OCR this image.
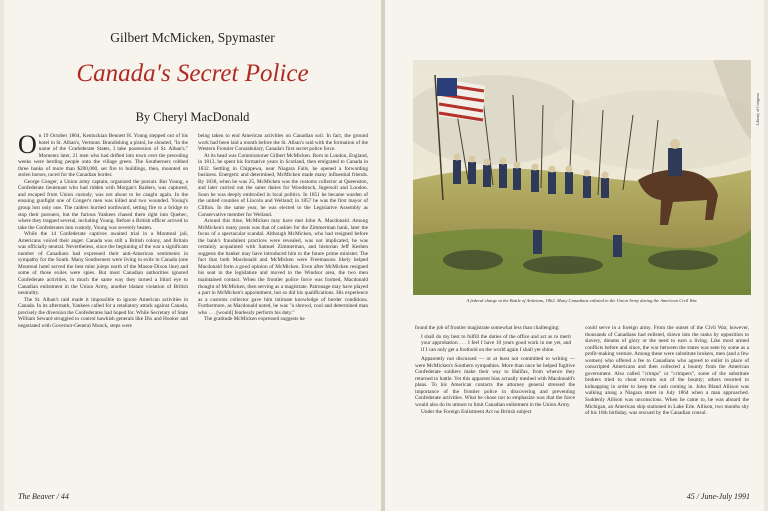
Gilbert McMicken, Spymaster
Canada's Secret Police
By Cheryl MacDonald

On 19 October 1864, Kentuckian Bennett H. Young stepped out of his hotel in St. Alban's, Vermont. Brandishing a pistol, he shouted, "In the name of the Confederate States, I take possession of St. Alban's." Moments later, 21 men who had drifted into town over the preceding weeks were herding people onto the village green. The Southerners robbed three banks of more than $200,000, set fire to buildings, then, mounted on stolen horses, raced for the Canadian border.

George Conger, a Union army captain, organized the pursuit. But Young, a Confederate lieutenant who had ridden with Morgan's Raiders, was captured, and escaped from Union custody, was not about to be caught again. In the ensuing gunfight one of Conger's men was killed and two wounded. Young's group lost only one. The raiders hurried northward, setting fire to a bridge to stop their pursuers, but the furious Yankees chased them right into Quebec, where they trapped several, including Young. Before a British officer arrived to take the Confederates into custody, Young was severely beaten.

While the 14 Confederate captives awaited trial in a Montreal jail, Americans voiced their anger. Canada was still a British colony, and Britain was officially neutral. Nevertheless, since the beginning of the war a significant number of Canadians had expressed their anti-American sentiments in sympathy for the South. Many Southerners were living in exile in Canada (one Montreal hotel served the best mint juleps north of the Mason-Dixon line) and some of those exiles were spies. But most Canadian authorities ignored Confederate activities, in much the same way they turned a blind eye to Canadian enlistment in the Union Army, another blatant violation of British neutrality.

The St. Alban's raid made it impossible to ignore American activities in Canada. In its aftermath, Yankees called for a retaliatory attack against Canada, precisely the diversion the Confederates had hoped for. While Secretary of State William Seward struggled to control hawkish generals like Dix and Hooker and negotiated with Governor-General Monck, steps were

being taken to end American activities on Canadian soil. In fact, the ground work had been laid a month before the St. Alban's raid with the formation of the Western Frontier Constabulary, Canada's first secret police force.

At its head was Commissioner Gilbert McMicken. Born in London, England, in 1813, he spent his formative years in Scotland, then emigrated to Canada in 1832. Settling in Chippewa, near Niagara Falls, he opened a forwarding business. Energetic and determined, McMicken made many influential friends. By 1838, when he was 25, McMicken was the customs collector at Queenston, and later carried out the same duties for Woodstock, Ingersoll and London. Soon he was deeply embroiled in local politics. In 1851 he became warden of the united counties of Lincoln and Welland; in 1857 he was the first mayor of Clifton. In the same year, he was elected to the Legislative Assembly as Conservative member for Welland.

Around this time, McMicken may have met John A. Macdonald. Among McMicken's many posts was that of cashier for the Zimmerman bank, later the focus of a spectacular scandal. Although McMicken, who had resigned before the bank's fraudulent practices were revealed, was not implicated, he was certainly acquainted with Samuel Zimmerman, and historian Jeff Keshen suggests the banker may have introduced him to the future prime minister. The fact that both Macdonald and McMicken were Freemasons likely helped Macdonald form a good opinion of McMicken. Even after McMicken resigned his seat in the legislature and moved to the Windsor area, the two men maintained contact. When the frontier police force was formed, Macdonald thought of McMicken, then serving as a magistrate. Patronage may have played a part in McMicken's appointment, but so did his qualifications. His experience as a customs collector gave him intimate knowledge of border conditions. Furthermore, as Macdonald noted, he was "a shrewd, cool and determined man who . . . [would] fearlessly perform his duty."

The gratitude McMicken expressed suggests he

The Beaver / 44
Library of Congress
A federal charge at the Battle of Antietam, 1862. Many Canadians enlisted in the Union Army during the American Civil War.

found the job of frontier magistrate somewhat less than challenging:

I shall do my best to fulfill the duties of the office and act as to merit your approbation . . . I feel I have 10 years good work in me yet, and if I can only get a foothold on the world again I shall yet shine.

Apparently not discussed — or at least not committed to writing — were McMicken's Southern sympathies. More than once he helped fugitive Confederate soldiers make their way to Halifax, from whence they returned to battle. Yet this apparent bias actually meshed with Macdonald's plans. To his American contacts the attorney general stressed the importance of the frontier police in discovering and preventing Confederate activities. What he chose not to emphasize was that the force would also do its utmost to limit Canadian enlistment in the Union Army.

Under the Foreign Enlistment Act no British subject

could serve in a foreign army. From the outset of the Civil War, however, thousands of Canadians had enlisted, drawn into the ranks by opposition to slavery, dreams of glory or the need to earn a living. Like most armed conflicts before and since, the war between the states was seen by some as a profit-making venture. Among these were substitute brokers, men (and a few women) who offered a fee to Canadians who agreed to enlist in place of conscripted Americans and then collected a bounty from the American government. Also called "crimps" or "crimpers", some of the substitute brokers tried to cheat recruits out of the bounty; others resorted to kidnapping in order to keep the cash coming in. John Bland Allison was walking along a Niagara street in July 1864 when a man approached. Suddenly Allison was unconscious. When he came to, he was aboard the Michigan, an American ship stationed in Lake Erie. Allison, two months shy of his 16th birthday, was rescued by the Canadian consul.

45 / June-July 1991
